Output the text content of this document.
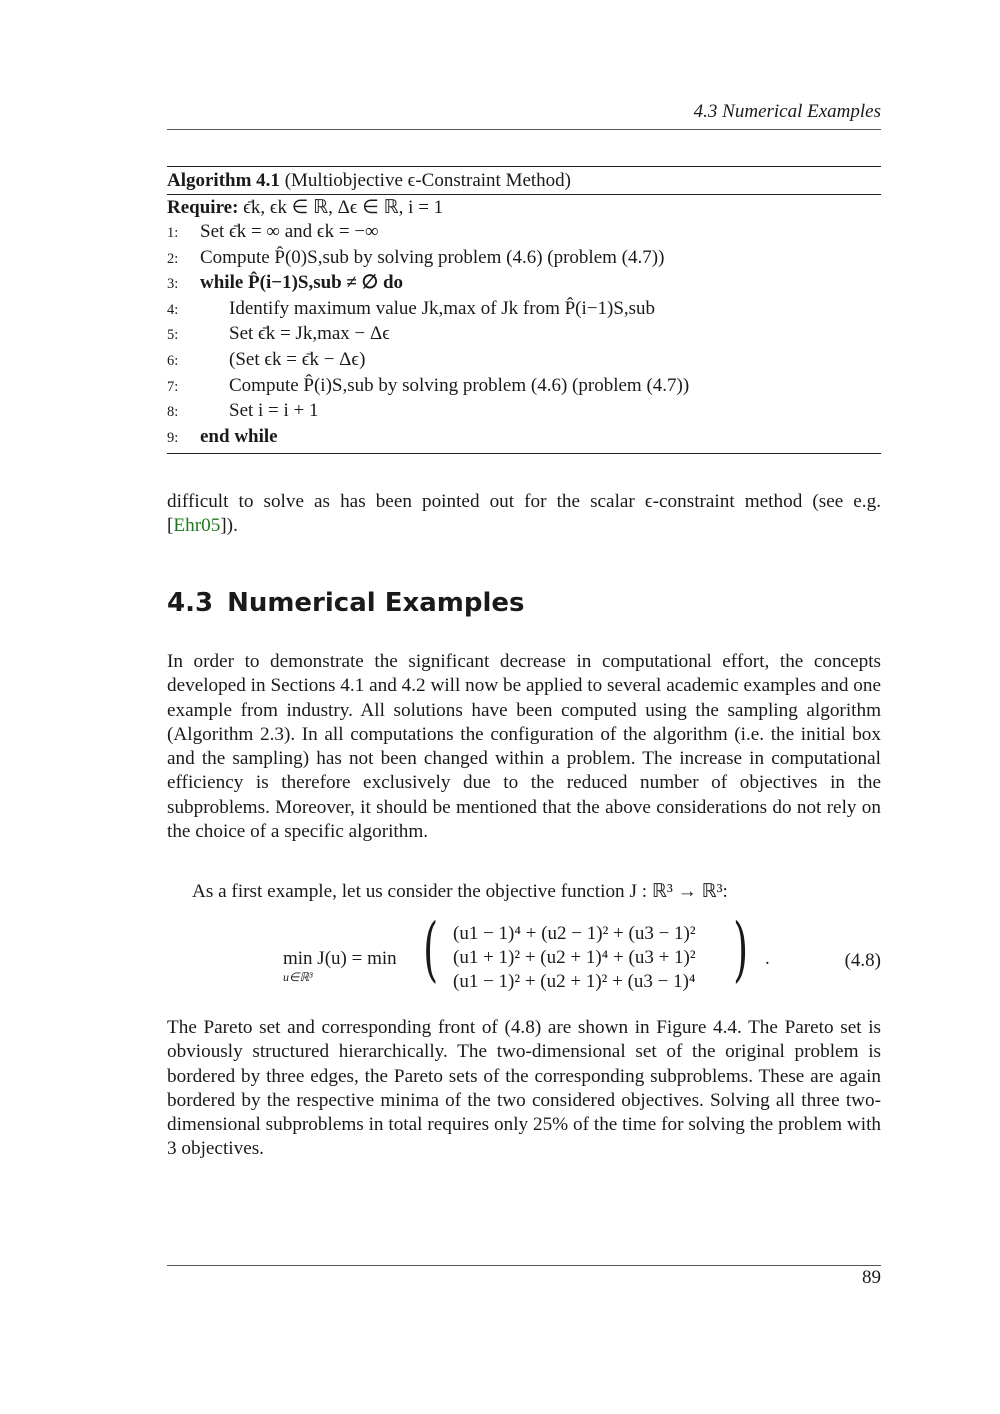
4.3 Numerical Examples
Algorithm 4.1 (Multiobjective ϵ-Constraint Method)
Require: ϵ̄k, ϵk ∈ ℝ, Δϵ ∈ ℝ, i = 1
1: Set ϵ̄k = ∞ and ϵk = −∞
2: Compute P̂(0)S,sub by solving problem (4.6) (problem (4.7))
3: while P̂(i−1)S,sub ≠ ∅ do
4:	Identify maximum value Jk,max of Jk from P̂(i−1)S,sub
5:	Set ϵ̄k = Jk,max − Δϵ
6:	(Set ϵk = ϵ̄k − Δϵ)
7:	Compute P̂(i)S,sub by solving problem (4.6) (problem (4.7))
8:	Set i = i + 1
9: end while
difficult to solve as has been pointed out for the scalar ϵ-constraint method (see e.g. [Ehr05]).
4.3 Numerical Examples
In order to demonstrate the significant decrease in computational effort, the concepts developed in Sections 4.1 and 4.2 will now be applied to several academic examples and one example from industry. All solutions have been computed using the sampling algorithm (Algorithm 2.3). In all computations the configuration of the algorithm (i.e. the initial box and the sampling) has not been changed within a problem. The increase in computational efficiency is therefore exclusively due to the reduced number of objectives in the subproblems. Moreover, it should be mentioned that the above considerations do not rely on the choice of a specific algorithm.
As a first example, let us consider the objective function J : ℝ³ → ℝ³:
min J(u) = min ( (u1 − 1)⁴ + (u2 − 1)² + (u3 − 1)²
(u1 + 1)² + (u2 + 1)⁴ + (u3 + 1)²
(u1 − 1)² + (u2 + 1)² + (u3 − 1)⁴ ) .
u∈ℝ³
(4.8)
The Pareto set and corresponding front of (4.8) are shown in Figure 4.4. The Pareto set is obviously structured hierarchically. The two-dimensional set of the original problem is bordered by three edges, the Pareto sets of the corresponding subproblems. These are again bordered by the respective minima of the two considered objectives. Solving all three two-dimensional subproblems in total requires only 25% of the time for solving the problem with 3 objectives.
89
